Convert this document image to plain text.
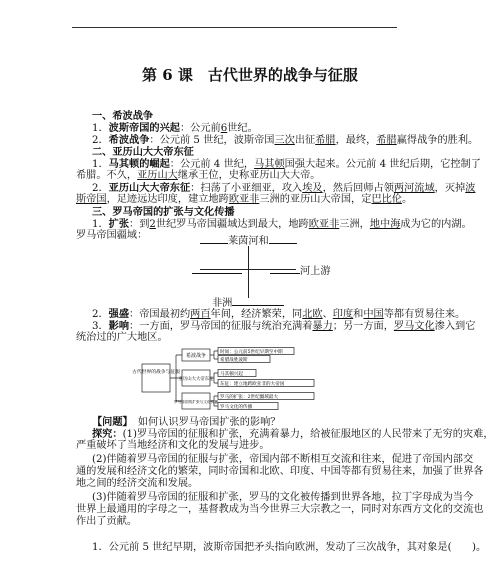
第 6 课　古代世界的战争与征服
一、希波战争
1．波斯帝国的兴起：公元前6世纪。
2．希波战争：公元前 5 世纪，波斯帝国三次出征希腊，最终，希腊赢得战争的胜利。
二、亚历山大大帝东征
1．马其顿的崛起：公元前 4 世纪，马其顿国强大起来。公元前 4 世纪后期，它控制了
希腊。不久，亚历山大继承王位，史称亚历山大大帝。
2．亚历山大大帝东征：扫荡了小亚细亚，攻入埃及，然后回师占领两河流域，灭掉波
斯帝国，足迹远达印度，建立地跨欧亚非三洲的亚历山大帝国，定巴比伦。
三、罗马帝国的扩张与文化传播
1．扩张：到2世纪罗马帝国疆域达到最大，地跨欧亚非三洲，地中海成为它的内湖。
罗马帝国疆域：
莱茵河和
河上游
非洲
2．强盛：帝国最初约两百年间，经济繁荣，同北欧、印度和中国等都有贸易往来。
3．影响：一方面，罗马帝国的征服与统治充满着暴力；另一方面，罗马文化渗入到它
统治过的广大地区。
古代世界的战争与征服
希波战争
亚历山大大帝东征
罗马帝国的扩张与文化传播
时间：公元前5世纪早期至中期
希腊战胜波斯
马其顿兴起
东征：建立地跨欧亚非的大帝国
罗马的扩张：2世纪疆域最大
罗马文化的传播
【问题】　 如何认识罗马帝国扩张的影响？
探究：(1)罗马帝国的征服和扩张，充满着暴力，给被征服地区的人民带来了无穷的灾难，
严重破坏了当地经济和文化的发展与进步。
(2)伴随着罗马帝国的征服与扩张，帝国内部不断相互交流和往来，促进了帝国内部交
通的发展和经济文化的繁荣，同时帝国和北欧、印度、中国等都有贸易往来，加强了世界各
地之间的经济交流和发展。
(3)伴随着罗马帝国的征服和扩张，罗马的文化被传播到世界各地，拉丁字母成为当今
世界上最通用的字母之一，基督教成为当今世界三大宗教之一，同时对东西方文化的交流也
作出了贡献。
1．公元前 5 世纪早期，波斯帝国把矛头指向欧洲，发动了三次战争，其对象是(　　)。
